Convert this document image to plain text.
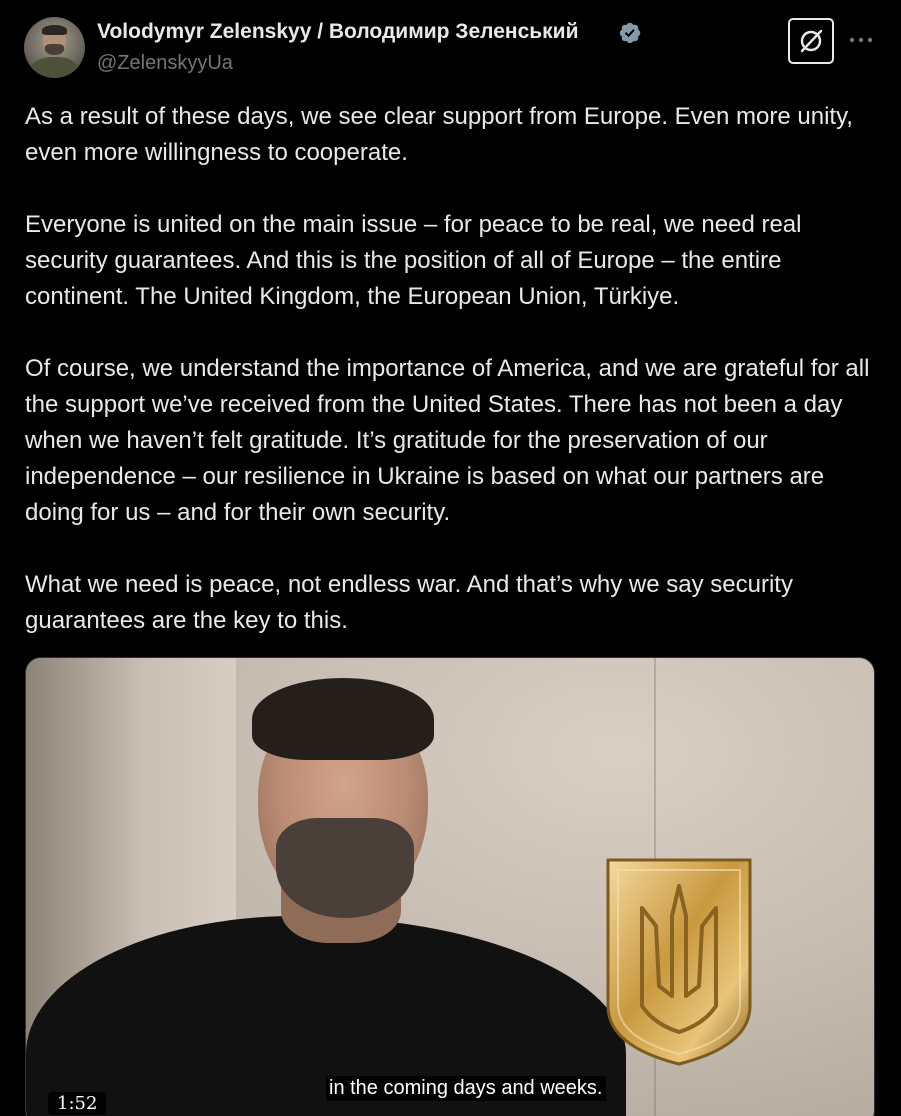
Volodymyr Zelenskyy / Володимир Зеленський
@ZelenskyyUa

As a result of these days, we see clear support from Europe. Even more unity, even more willingness to cooperate.

Everyone is united on the main issue – for peace to be real, we need real security guarantees. And this is the position of all of Europe – the entire continent. The United Kingdom, the European Union, Türkiye.

Of course, we understand the importance of America, and we are grateful for all the support we’ve received from the United States. There has not been a day when we haven’t felt gratitude. It’s gratitude for the preservation of our independence – our resilience in Ukraine is based on what our partners are doing for us – and for their own security.

What we need is peace, not endless war. And that’s why we say security guarantees are the key to this.

in the coming days and weeks.
1:52
